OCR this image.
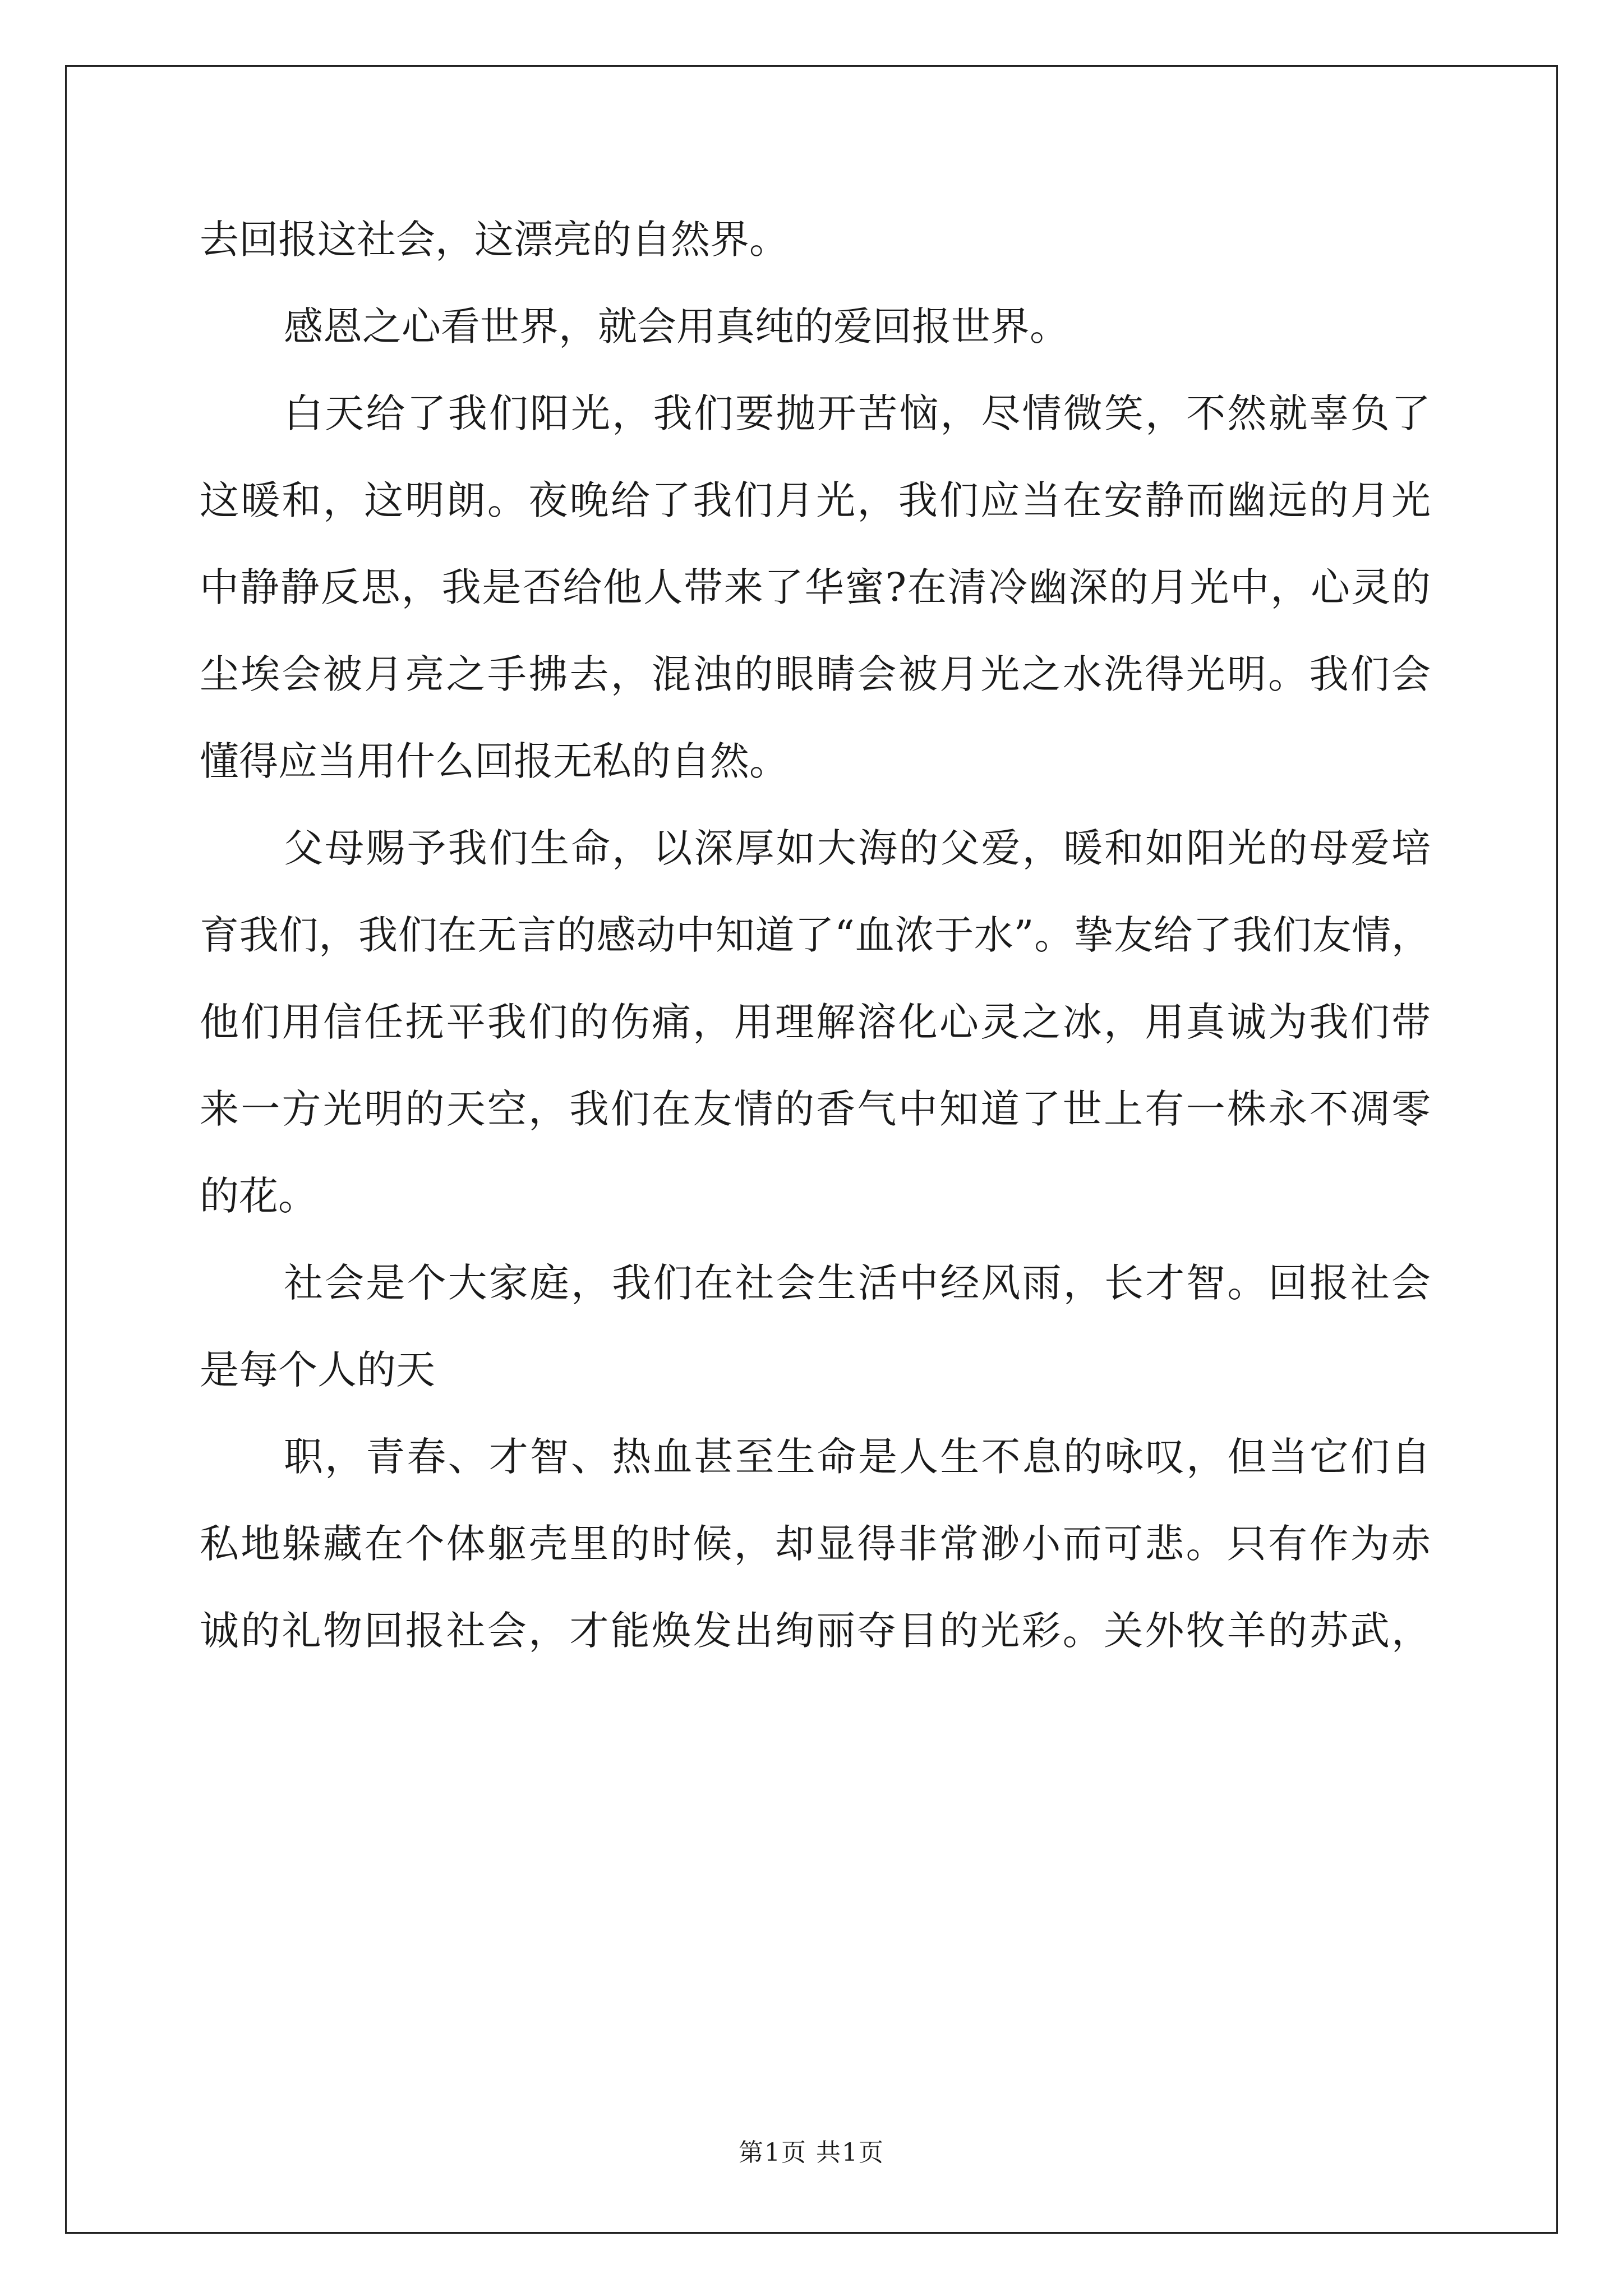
去回报这社会，这漂亮的自然界。
感恩之心看世界，就会用真纯的爱回报世界。
白天给了我们阳光，我们要抛开苦恼，尽情微笑，不然就辜负了
这暖和，这明朗。夜晚给了我们月光，我们应当在安静而幽远的月光
中静静反思，我是否给他人带来了华蜜?在清冷幽深的月光中，心灵的
尘埃会被月亮之手拂去，混浊的眼睛会被月光之水洗得光明。我们会
懂得应当用什么回报无私的自然。
父母赐予我们生命，以深厚如大海的父爱，暖和如阳光的母爱培
育我们，我们在无言的感动中知道了“血浓于水”。挚友给了我们友情，
他们用信任抚平我们的伤痛，用理解溶化心灵之冰，用真诚为我们带
来一方光明的天空，我们在友情的香气中知道了世上有一株永不凋零
的花。
社会是个大家庭，我们在社会生活中经风雨，长才智。回报社会
是每个人的天
职，青春、才智、热血甚至生命是人生不息的咏叹，但当它们自
私地躲藏在个体躯壳里的时候，却显得非常渺小而可悲。只有作为赤
诚的礼物回报社会，才能焕发出绚丽夺目的光彩。关外牧羊的苏武，
第1页 共1页
